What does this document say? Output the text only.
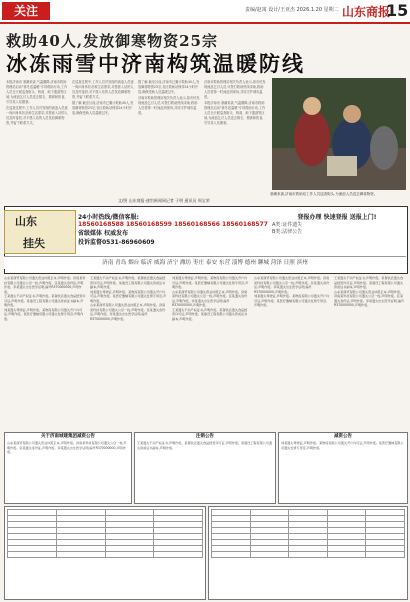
关注	责编/赵寓 设计/王亚杰 2026.1.20 星期二 山东商报
15
救助40人,发放御寒物资25宗
冰冻雨雪中济南构筑温暖防线

本报济南讯 寒潮来袭,气温骤降,济南市救助管理站启动"寒冬送温暖"专项救助行动,工作人员全天候巡查街头、桥洞、地下通道等区域,为流浪乞讨人员送去棉衣、棉被和热食,引导其入站避寒。

在巡查过程中,工作人员对发现的流浪人员逐一询问身体状况和生活需求,对愿意入站的人员及时接回,对不愿入站的人员发放御寒物资,并留下联系方式。

在巡查过程中,工作人员对发现的流浪人员逐一询问身体状况和生活需求,对愿意入站的人员及时接回,对不愿入站的人员发放御寒物资,并留下联系方式。

据了解,截至目前,济南市已累计救助40人,发放御寒物资25宗,各区救助站保持24小时开放,确保受助人员温暖过冬。

据了解,截至目前,济南市已累计救助40人,发放御寒物资25宗,各区救助站保持24小时开放,确保受助人员温暖过冬。

济南市救助管理站相关负责人表示,如市民发现流浪乞讨人员,可拨打救助热线求助,救助人员将第一时间赶到现场,共同守护城市温度。

济南市救助管理站相关负责人表示,如市民发现流浪乞讨人员,可拨打救助热线求助,救助人员将第一时间赶到现场,共同守护城市温度。

本报济南讯 寒潮来袭,气温骤降,济南市救助管理站启动"寒冬送温暖"专项救助行动,工作人员全天候巡查街头、桥洞、地下通道等区域,为流浪乞讨人员送去棉衣、棉被和热食,引导其入站避寒。

寒潮来袭,济南市救助站工作人员巡查街头,为流浪人员送去御寒物资。
文/图 山东商报·速豹新闻网记者 于明 通讯员 周宝荣
山东
挂失
24小时热线/微信客服:
18560168588 18560168599 18560168566 18560168577
省级媒体 权威发布
投诉监督0531-86960609
登报办理 快速登报 送报上门!
A类:证件遗失
B类:法律公告
济南 青岛 烟台 临沂 威海 济宁 潍坊 枣庄 泰安 东营 淄博 德州 聊城 菏泽 日照 滨州
山东某商贸有限公司遗失营业执照正本,声明作废。济南某科技有限公司遗失公章一枚,声明作废。张某遗失身份证,声明作废。李某遗失出生医学证明,编号R370000000,声明作废。
王某遗失不动产权证书,声明作废。某餐饮店遗失食品经营许可证,声明作废。某建设工程有限公司遗失资质证书副本,声明作废。
刘某遗失驾驶证,声明作废。某物流有限公司遗失开户许可证,声明作废。某医疗器械有限公司遗失发票专用章,声明作废。
王某遗失不动产权证书,声明作废。某餐饮店遗失食品经营许可证,声明作废。某建设工程有限公司遗失资质证书副本,声明作废。
刘某遗失驾驶证,声明作废。某物流有限公司遗失开户许可证,声明作废。某医疗器械有限公司遗失发票专用章,声明作废。
山东某商贸有限公司遗失营业执照正本,声明作废。济南某科技有限公司遗失公章一枚,声明作废。张某遗失身份证,声明作废。李某遗失出生医学证明,编号R370000000,声明作废。
刘某遗失驾驶证,声明作废。某物流有限公司遗失开户许可证,声明作废。某医疗器械有限公司遗失发票专用章,声明作废。
山东某商贸有限公司遗失营业执照正本,声明作废。济南某科技有限公司遗失公章一枚,声明作废。张某遗失身份证,声明作废。李某遗失出生医学证明,编号R370000000,声明作废。
王某遗失不动产权证书,声明作废。某餐饮店遗失食品经营许可证,声明作废。某建设工程有限公司遗失资质证书副本,声明作废。
山东某商贸有限公司遗失营业执照正本,声明作废。济南某科技有限公司遗失公章一枚,声明作废。张某遗失身份证,声明作废。李某遗失出生医学证明,编号R370000000,声明作废。
刘某遗失驾驶证,声明作废。某物流有限公司遗失开户许可证,声明作废。某医疗器械有限公司遗失发票专用章,声明作废。
王某遗失不动产权证书,声明作废。某餐饮店遗失食品经营许可证,声明作废。某建设工程有限公司遗失资质证书副本,声明作废。
山东某商贸有限公司遗失营业执照正本,声明作废。济南某科技有限公司遗失公章一枚,声明作废。张某遗失身份证,声明作废。李某遗失出生医学证明,编号R370000000,声明作废。
关于济南城建集团减资公告
山东某商贸有限公司遗失营业执照正本,声明作废。济南某科技有限公司遗失公章一枚,声明作废。张某遗失身份证,声明作废。李某遗失出生医学证明,编号R370000000,声明作废。
注销公告
王某遗失不动产权证书,声明作废。某餐饮店遗失食品经营许可证,声明作废。某建设工程有限公司遗失资质证书副本,声明作废。
减资公告
刘某遗失驾驶证,声明作废。某物流有限公司遗失开户许可证,声明作废。某医疗器械有限公司遗失发票专用章,声明作废。
